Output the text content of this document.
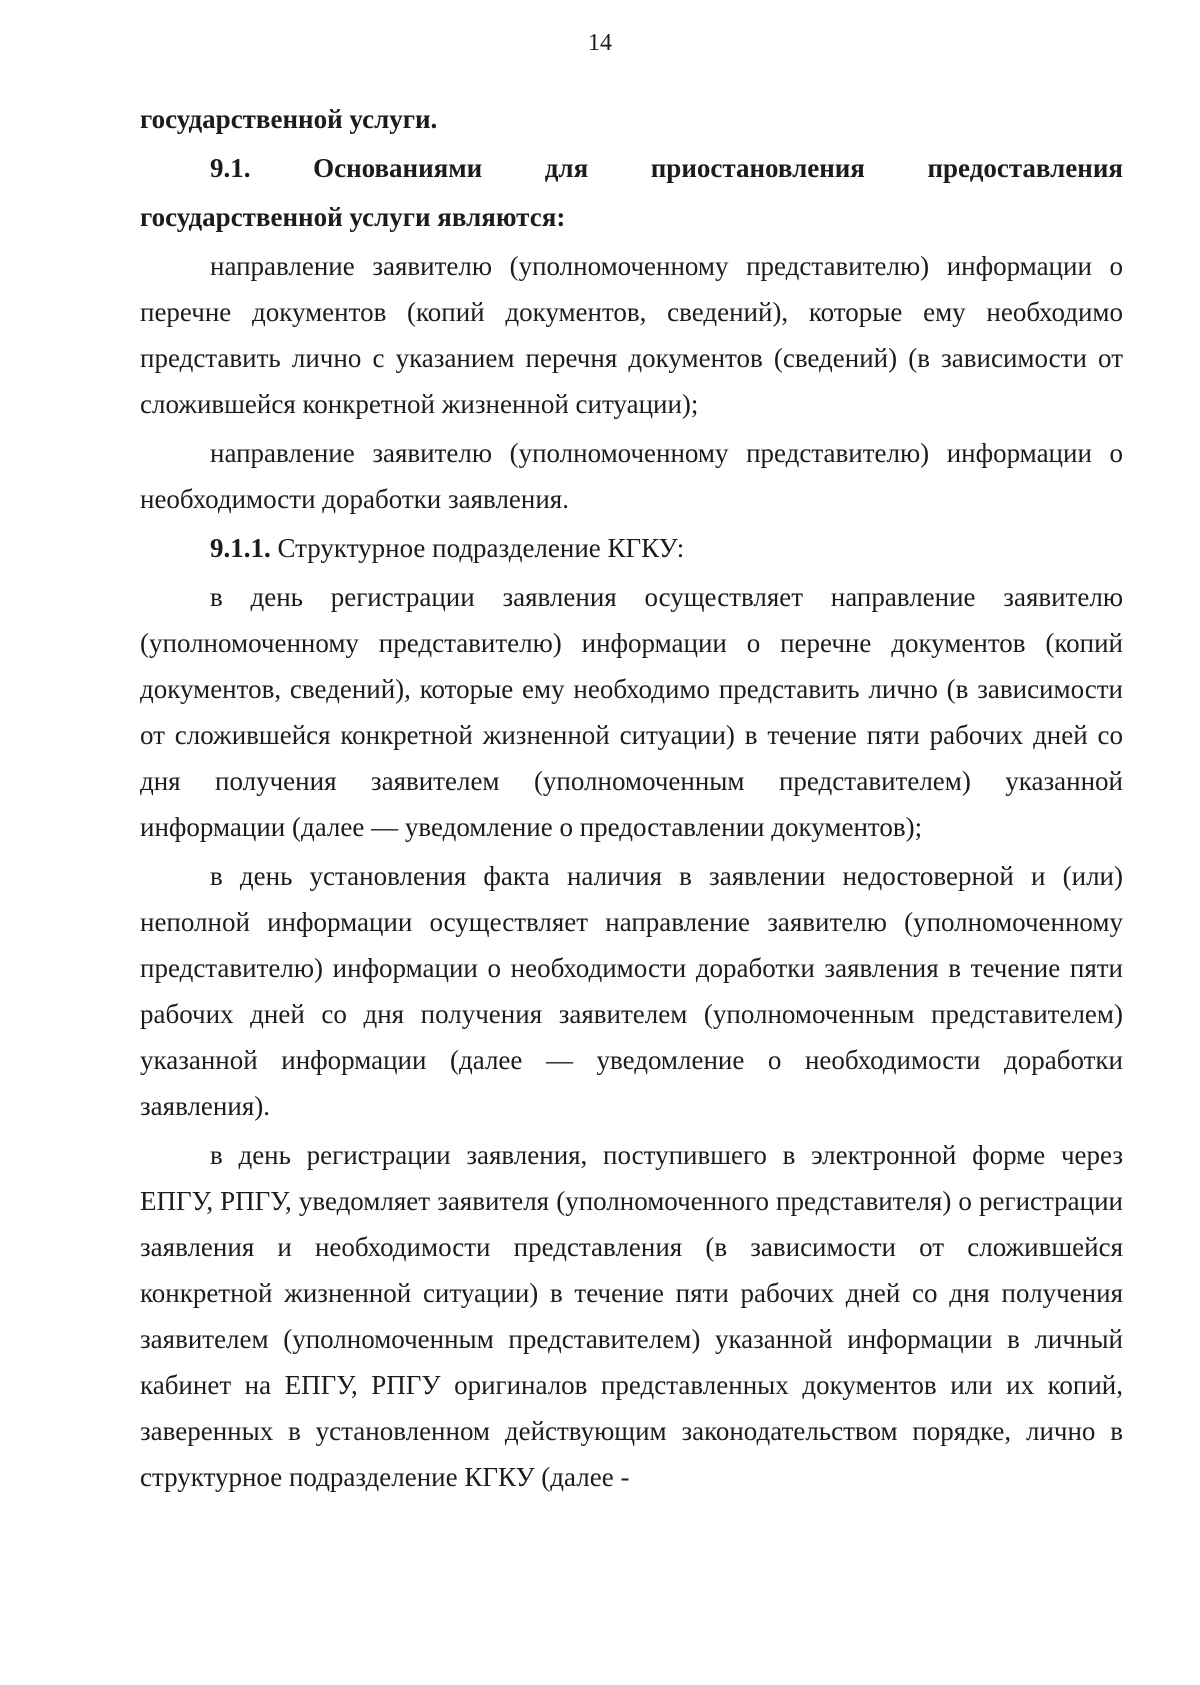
14

государственной услуги.

9.1. Основаниями для приостановления предоставления

государственной услуги являются:

направление заявителю (уполномоченному представителю) информации о перечне документов (копий документов, сведений), которые ему необходимо представить лично с указанием перечня документов (сведений) (в зависимости от сложившейся конкретной жизненной ситуации);

направление заявителю (уполномоченному представителю) информации о необходимости доработки заявления.

9.1.1. Структурное подразделение КГКУ:

в день регистрации заявления осуществляет направление заявителю (уполномоченному представителю) информации о перечне документов (копий документов, сведений), которые ему необходимо представить лично (в зависимости от сложившейся конкретной жизненной ситуации) в течение пяти рабочих дней со дня получения заявителем (уполномоченным представителем) указанной информации (далее — уведомление о предоставлении документов);

в день установления факта наличия в заявлении недостоверной и (или) неполной информации осуществляет направление заявителю (уполномоченному представителю) информации о необходимости доработки заявления в течение пяти рабочих дней со дня получения заявителем (уполномоченным представителем) указанной информации (далее — уведомление о необходимости доработки заявления).

в день регистрации заявления, поступившего в электронной форме через ЕПГУ, РПГУ, уведомляет заявителя (уполномоченного представителя) о регистрации заявления и необходимости представления (в зависимости от сложившейся конкретной жизненной ситуации) в течение пяти рабочих дней со дня получения заявителем (уполномоченным представителем) указанной информации в личный кабинет на ЕПГУ, РПГУ оригиналов представленных документов или их копий, заверенных в установленном действующим законодательством порядке, лично в структурное подразделение КГКУ (далее -
